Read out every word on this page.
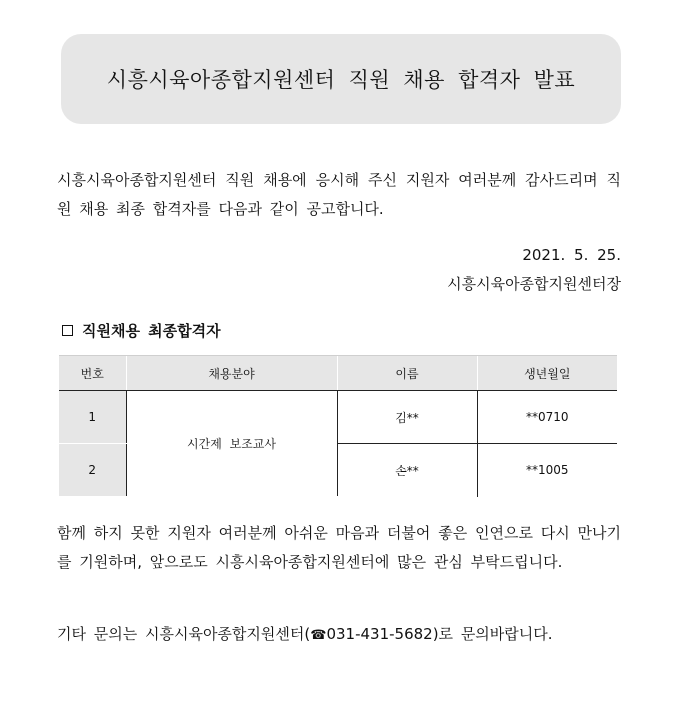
시흥시육아종합지원센터 직원 채용 합격자 발표
시흥시육아종합지원센터 직원 채용에 응시해 주신 지원자 여러분께 감사드리며 직원 채용 최종 합격자를 다음과 같이 공고합니다.
2021. 5. 25.
시흥시육아종합지원센터장
직원채용 최종합격자
번호	채용분야	이름	생년월일
1	시간제 보조교사	김**	**0710
2		손**	**1005
함께 하지 못한 지원자 여러분께 아쉬운 마음과 더불어 좋은 인연으로 다시 만나기를 기원하며, 앞으로도 시흥시육아종합지원센터에 많은 관심 부탁드립니다.
기타 문의는 시흥시육아종합지원센터(☎031-431-5682)로 문의바랍니다.
